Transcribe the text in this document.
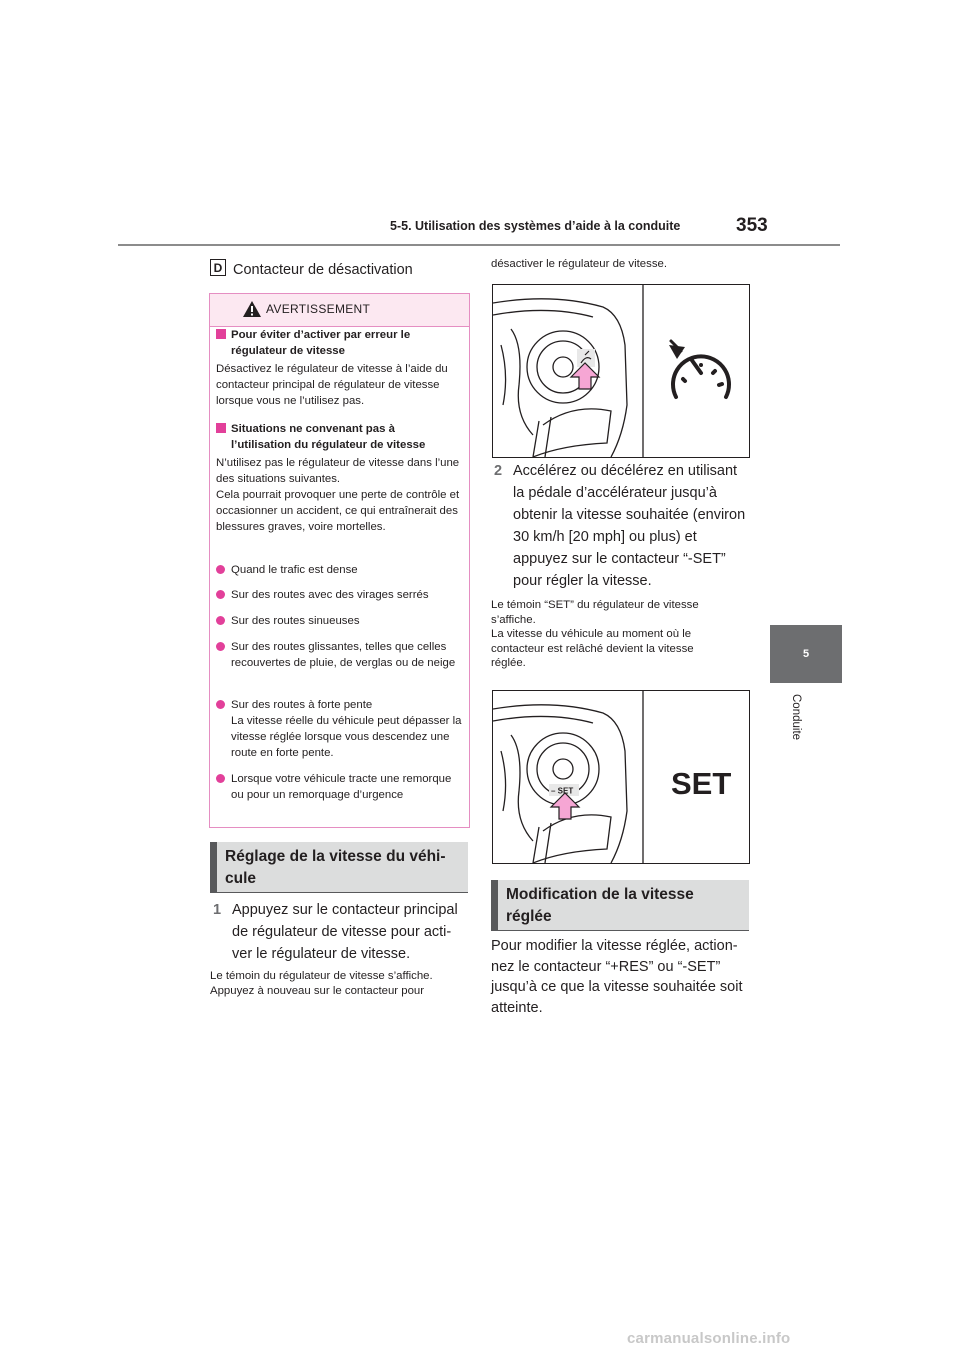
5-5. Utilisation des systèmes d’aide à la conduite	353
5
Conduite
D Contacteur de désactivation
AVERTISSEMENT
Pour éviter d’activer par erreur le régulateur de vitesse
Désactivez le régulateur de vitesse à l’aide du contacteur principal de régulateur de vitesse lorsque vous ne l’utilisez pas.
Situations ne convenant pas à l’utilisation du régulateur de vitesse
N’utilisez pas le régulateur de vitesse dans l’une des situations suivantes.
Cela pourrait provoquer une perte de contrôle et occasionner un accident, ce qui entraînerait des blessures graves, voire mortelles.
Quand le trafic est dense
Sur des routes avec des virages serrés
Sur des routes sinueuses
Sur des routes glissantes, telles que celles recouvertes de pluie, de verglas ou de neige
Sur des routes à forte pente
La vitesse réelle du véhicule peut dépasser la vitesse réglée lorsque vous descendez une route en forte pente.
Lorsque votre véhicule tracte une remorque ou pour un remorquage d’urgence
Réglage de la vitesse du véhi-
cule
1 Appuyez sur le contacteur principal
de régulateur de vitesse pour acti-
ver le régulateur de vitesse.
Le témoin du régulateur de vitesse s’affiche.
Appuyez à nouveau sur le contacteur pour
désactiver le régulateur de vitesse.
2 Accélérez ou décélérez en utilisant
la pédale d’accélérateur jusqu’à
obtenir la vitesse souhaitée (environ
30 km/h [20 mph] ou plus) et
appuyez sur le contacteur “-SET”
pour régler la vitesse.
Le témoin “SET” du régulateur de vitesse
s’affiche.
La vitesse du véhicule au moment où le
contacteur est relâché devient la vitesse
réglée.
– SET	SET
Modification de la vitesse
réglée
Pour modifier la vitesse réglée, action-
nez le contacteur “+RES” ou “-SET”
jusqu’à ce que la vitesse souhaitée soit
atteinte.
carmanualsonline.info
